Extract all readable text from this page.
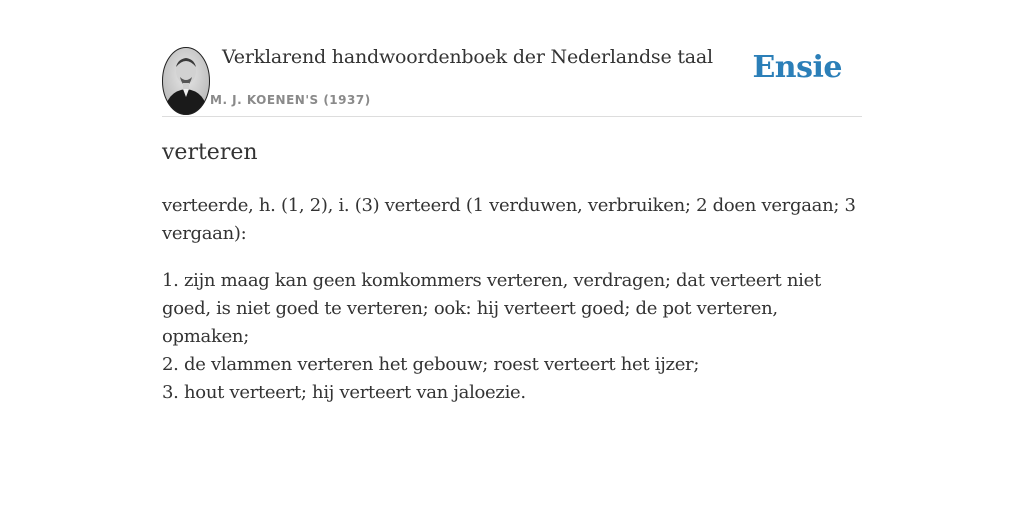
Verklarend handwoordenboek der Nederlandse taal
M. J. KOENEN'S (1937)
Ensie
verteren

verteerde, h. (1, 2), i. (3) verteerd (1 verduwen, verbruiken; 2 doen vergaan; 3 vergaan):

1. zijn maag kan geen komkommers verteren, verdragen; dat verteert niet goed, is niet goed te verteren; ook: hij verteert goed; de pot verteren, opmaken;
2. de vlammen verteren het gebouw; roest verteert het ijzer;
3. hout verteert; hij verteert van jaloezie.
